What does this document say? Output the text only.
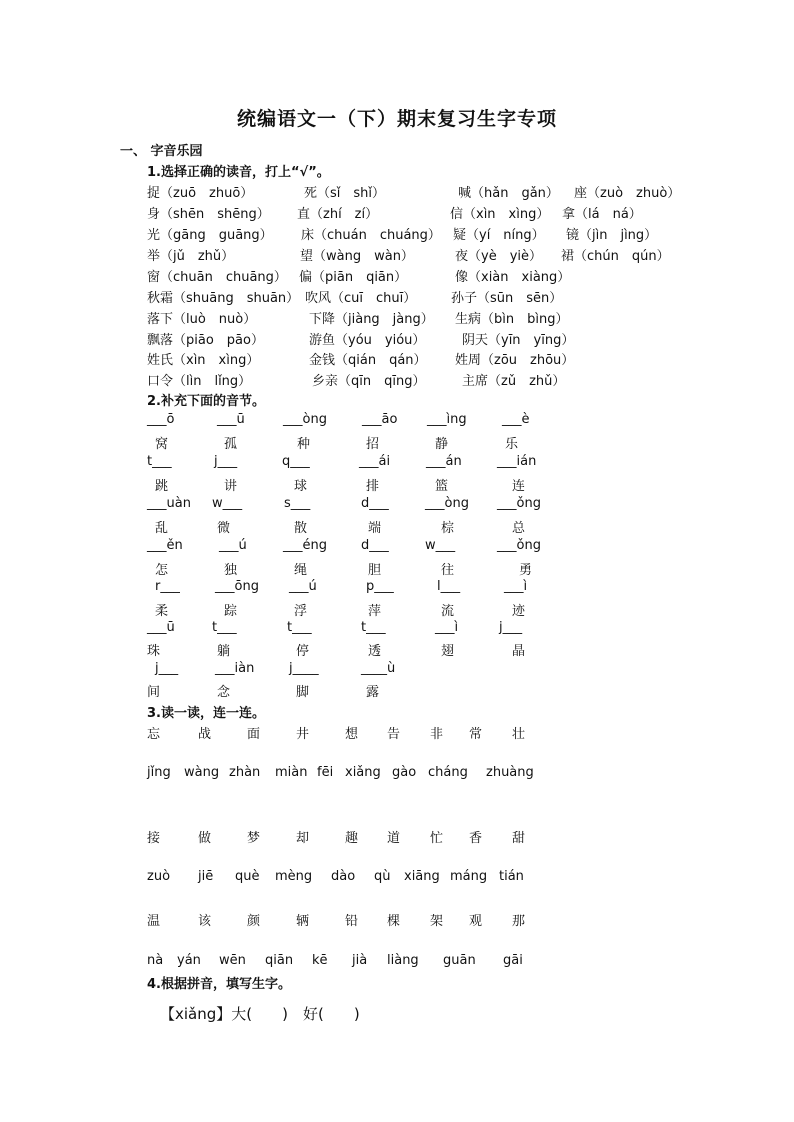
统编语文一（下）期末复习生字专项
一、 字音乐园
1.选择正确的读音，打上“√”。
捉（zuō　zhuō）	死（sǐ　shǐ）	喊（hǎn　gǎn） 座（zuò　zhuò）
身（shēn　shēng） 直（zhí　zí）	信（xìn　xìng） 拿（lá　ná）
光（gāng　guāng） 床（chuán　chuáng） 疑（yí　níng） 镜（jìn　jìng）
举（jǔ　zhǔ）	望（wàng　wàn）	夜（yè　yiè） 裙（chún　qún）
窗（chuān　chuāng） 偏（piān　qiān）	像（xiàn　xiàng）
秋霜（shuāng　shuān） 吹风（cuī　chuī）	孙子（sūn　sēn）
落下（luò　nuò）	下降（jiàng　jàng） 生病（bìn　bìng）
飘落（piāo　pāo）	游鱼（yóu　yióu）	阴天（yīn　yīng）
姓氏（xìn　xìng）	金钱（qián　qán） 姓周（zōu　zhōu）
口令（lìn　lǐng）	乡亲（qīn　qīng）	主席（zǔ　zhǔ）
2.补充下面的音节。
___ō	___ū	___òng	___āo ___ìng	___è
窝	孤	种	招	静	乐
t___	j___	q___	___ái	___án	___ián
跳	讲	球	排	篮	连
___uàn w___	s___	d___	___òng ___ǒng
乱	微	散	端	棕	总
___ěn	___ú	___éng	d___	w___	___ǒng
怎	独	绳	胆	往	勇
r___	___ōng ___ú	p___	l___	___ì
柔	踪	浮	萍	流	迹
___ū	t___	t___	t___	___ì	j___
珠	躺	停	透	翅	晶
j___	___iàn	j____	____ù
间	念	脚	露
3.读一读，连一连。
忘	战	面	井	想 告 非 常 壮
jǐng wàng zhàn miàn fēi xiǎng gào cháng zhuàng
接	做	梦	却	趣 道 忙 香 甜
zuò jiē què mèng dào qù xiāng máng tián
温	该	颜	辆	铅 棵 架 观 那
nà yán wēn qiān kē jià liàng guān gāi
4.根据拼音，填写生字。
【xiǎng】大(　　)　好(　　)
